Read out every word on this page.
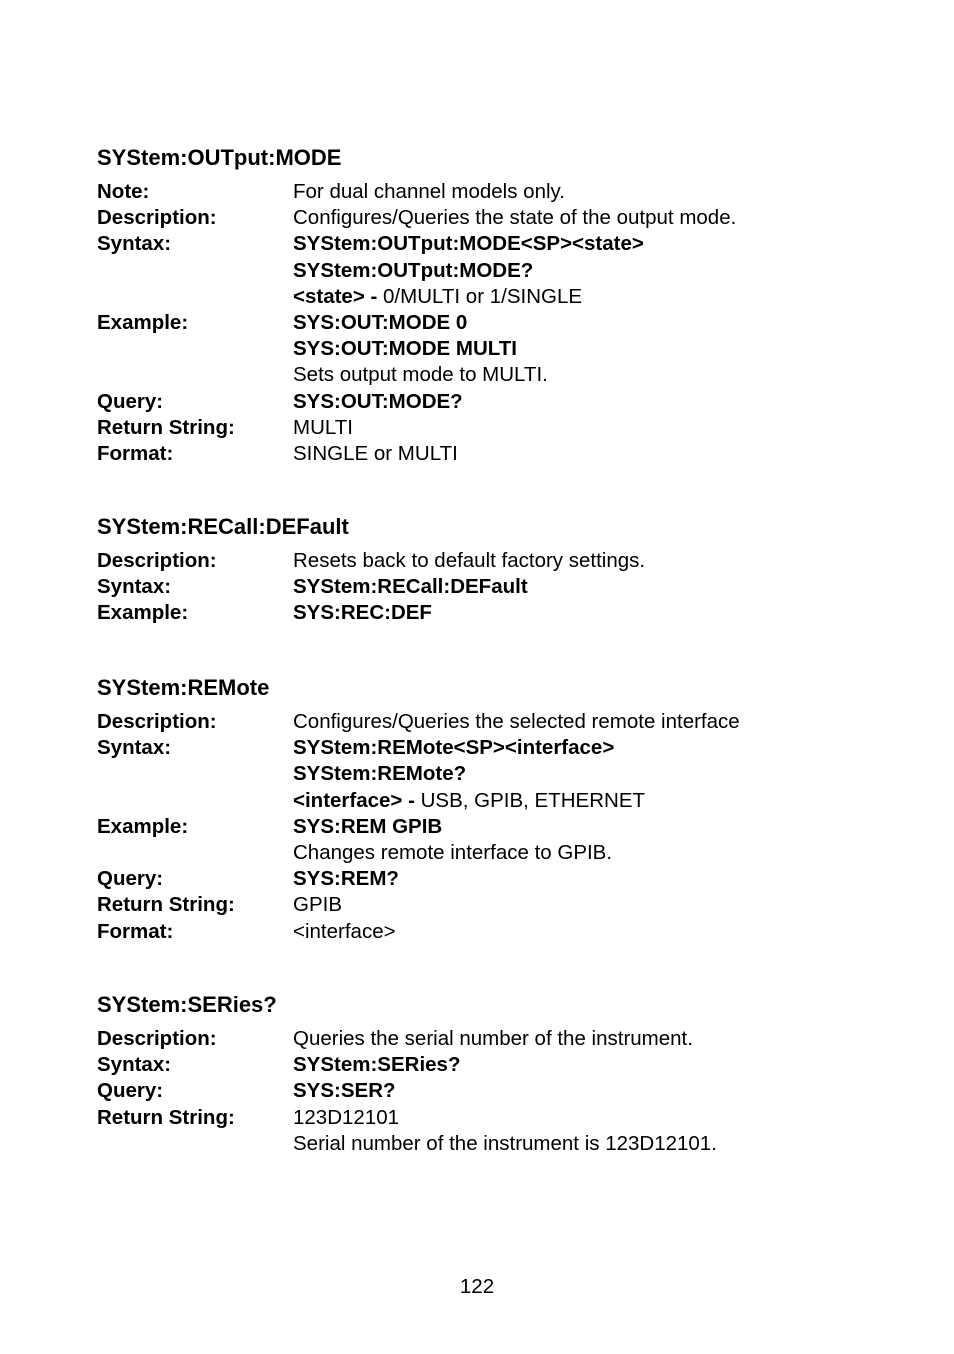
SYStem:OUTput:MODE
Note:	For dual channel models only.
Description:	Configures/Queries the state of the output mode.
Syntax:	SYStem:OUTput:MODE<SP><state>
SYStem:OUTput:MODE?
<state> - 0/MULTI or 1/SINGLE
Example:	SYS:OUT:MODE 0
SYS:OUT:MODE MULTI
Sets output mode to MULTI.
Query:	SYS:OUT:MODE?
Return String:	MULTI
Format:	SINGLE or MULTI
SYStem:RECall:DEFault
Description:	Resets back to default factory settings.
Syntax:	SYStem:RECall:DEFault
Example:	SYS:REC:DEF
SYStem:REMote
Description:	Configures/Queries the selected remote interface
Syntax:	SYStem:REMote<SP><interface>
SYStem:REMote?
<interface> - USB, GPIB, ETHERNET
Example:	SYS:REM GPIB
Changes remote interface to GPIB.
Query:	SYS:REM?
Return String:	GPIB
Format:	<interface>
SYStem:SERies?
Description:	Queries the serial number of the instrument.
Syntax:	SYStem:SERies?
Query:	SYS:SER?
Return String:	123D12101
Serial number of the instrument is 123D12101.
122
